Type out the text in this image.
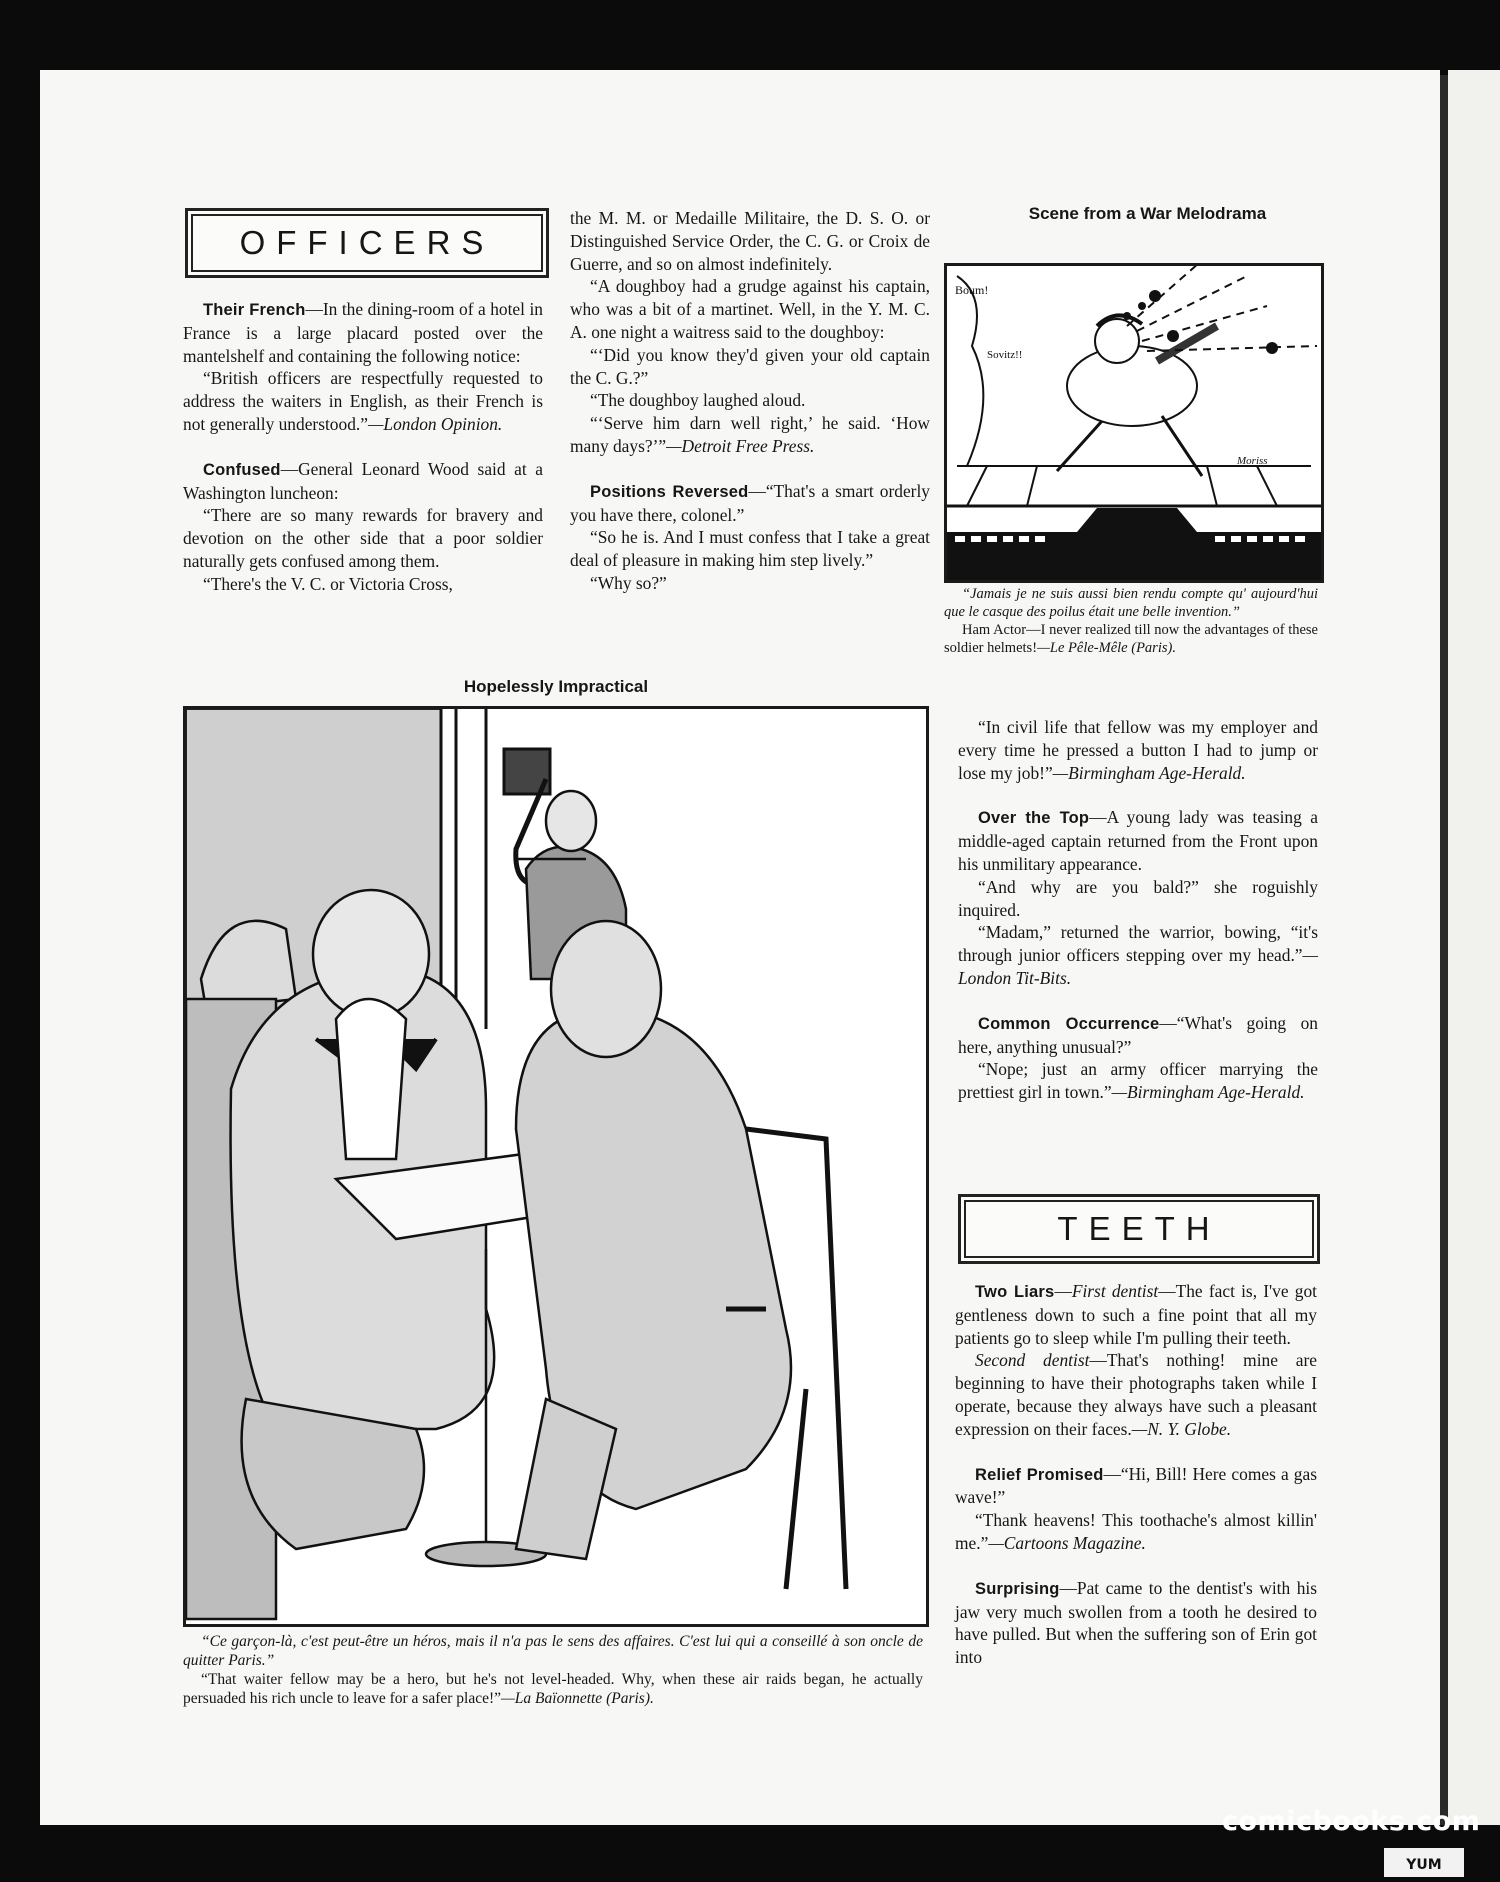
OFFICERS

Their French—In the dining-room of a hotel in France is a large placard posted over the mantelshelf and containing the following notice:

“British officers are respectfully requested to address the waiters in English, as their French is not generally understood.”—London Opinion.

Confused—General Leonard Wood said at a Washington luncheon:

“There are so many rewards for bravery and devotion on the other side that a poor soldier naturally gets confused among them.

“There's the V. C. or Victoria Cross,

the M. M. or Medaille Militaire, the D. S. O. or Distinguished Service Order, the C. G. or Croix de Guerre, and so on almost indefinitely.

“A doughboy had a grudge against his captain, who was a bit of a martinet. Well, in the Y. M. C. A. one night a waitress said to the doughboy:

“‘Did you know they'd given your old captain the C. G.?”

“The doughboy laughed aloud.

“‘Serve him darn well right,’ he said. ‘How many days?’”—Detroit Free Press.

Positions Reversed—“That's a smart orderly you have there, colonel.”

“So he is. And I must confess that I take a great deal of pleasure in making him step lively.”

“Why so?”

Scene from a War Melodrama
Boum!
Sovitz!!
Moriss

“Jamais je ne suis aussi bien rendu compte qu' aujourd'hui que le casque des poilus était une belle invention.”

Ham Actor—I never realized till now the advantages of these soldier helmets!—Le Pêle-Mêle (Paris).

“In civil life that fellow was my employer and every time he pressed a button I had to jump or lose my job!”—Birmingham Age-Herald.

Over the Top—A young lady was teasing a middle-aged captain returned from the Front upon his unmilitary appearance.

“And why are you bald?” she roguishly inquired.

“Madam,” returned the warrior, bowing, “it's through junior officers stepping over my head.”—London Tit-Bits.

Common Occurrence—“What's going on here, anything unusual?”

“Nope; just an army officer marrying the prettiest girl in town.”—Birmingham Age-Herald.

TEETH

Two Liars—First dentist—The fact is, I've got gentleness down to such a fine point that all my patients go to sleep while I'm pulling their teeth.

Second dentist—That's nothing! mine are beginning to have their photographs taken while I operate, because they always have such a pleasant expression on their faces.—N. Y. Globe.

Relief Promised—“Hi, Bill! Here comes a gas wave!”

“Thank heavens! This toothache's almost killin' me.”—Cartoons Magazine.

Surprising—Pat came to the dentist's with his jaw very much swollen from a tooth he desired to have pulled. But when the suffering son of Erin got into

Hopelessly Impractical

“Ce garçon-là, c'est peut-être un héros, mais il n'a pas le sens des affaires. C'est lui qui a conseillé à son oncle de quitter Paris.”

“That waiter fellow may be a hero, but he's not level-headed. Why, when these air raids began, he actually persuaded his rich uncle to leave for a safer place!”—La Baïonnette (Paris).

comicbooks.com
YUM
